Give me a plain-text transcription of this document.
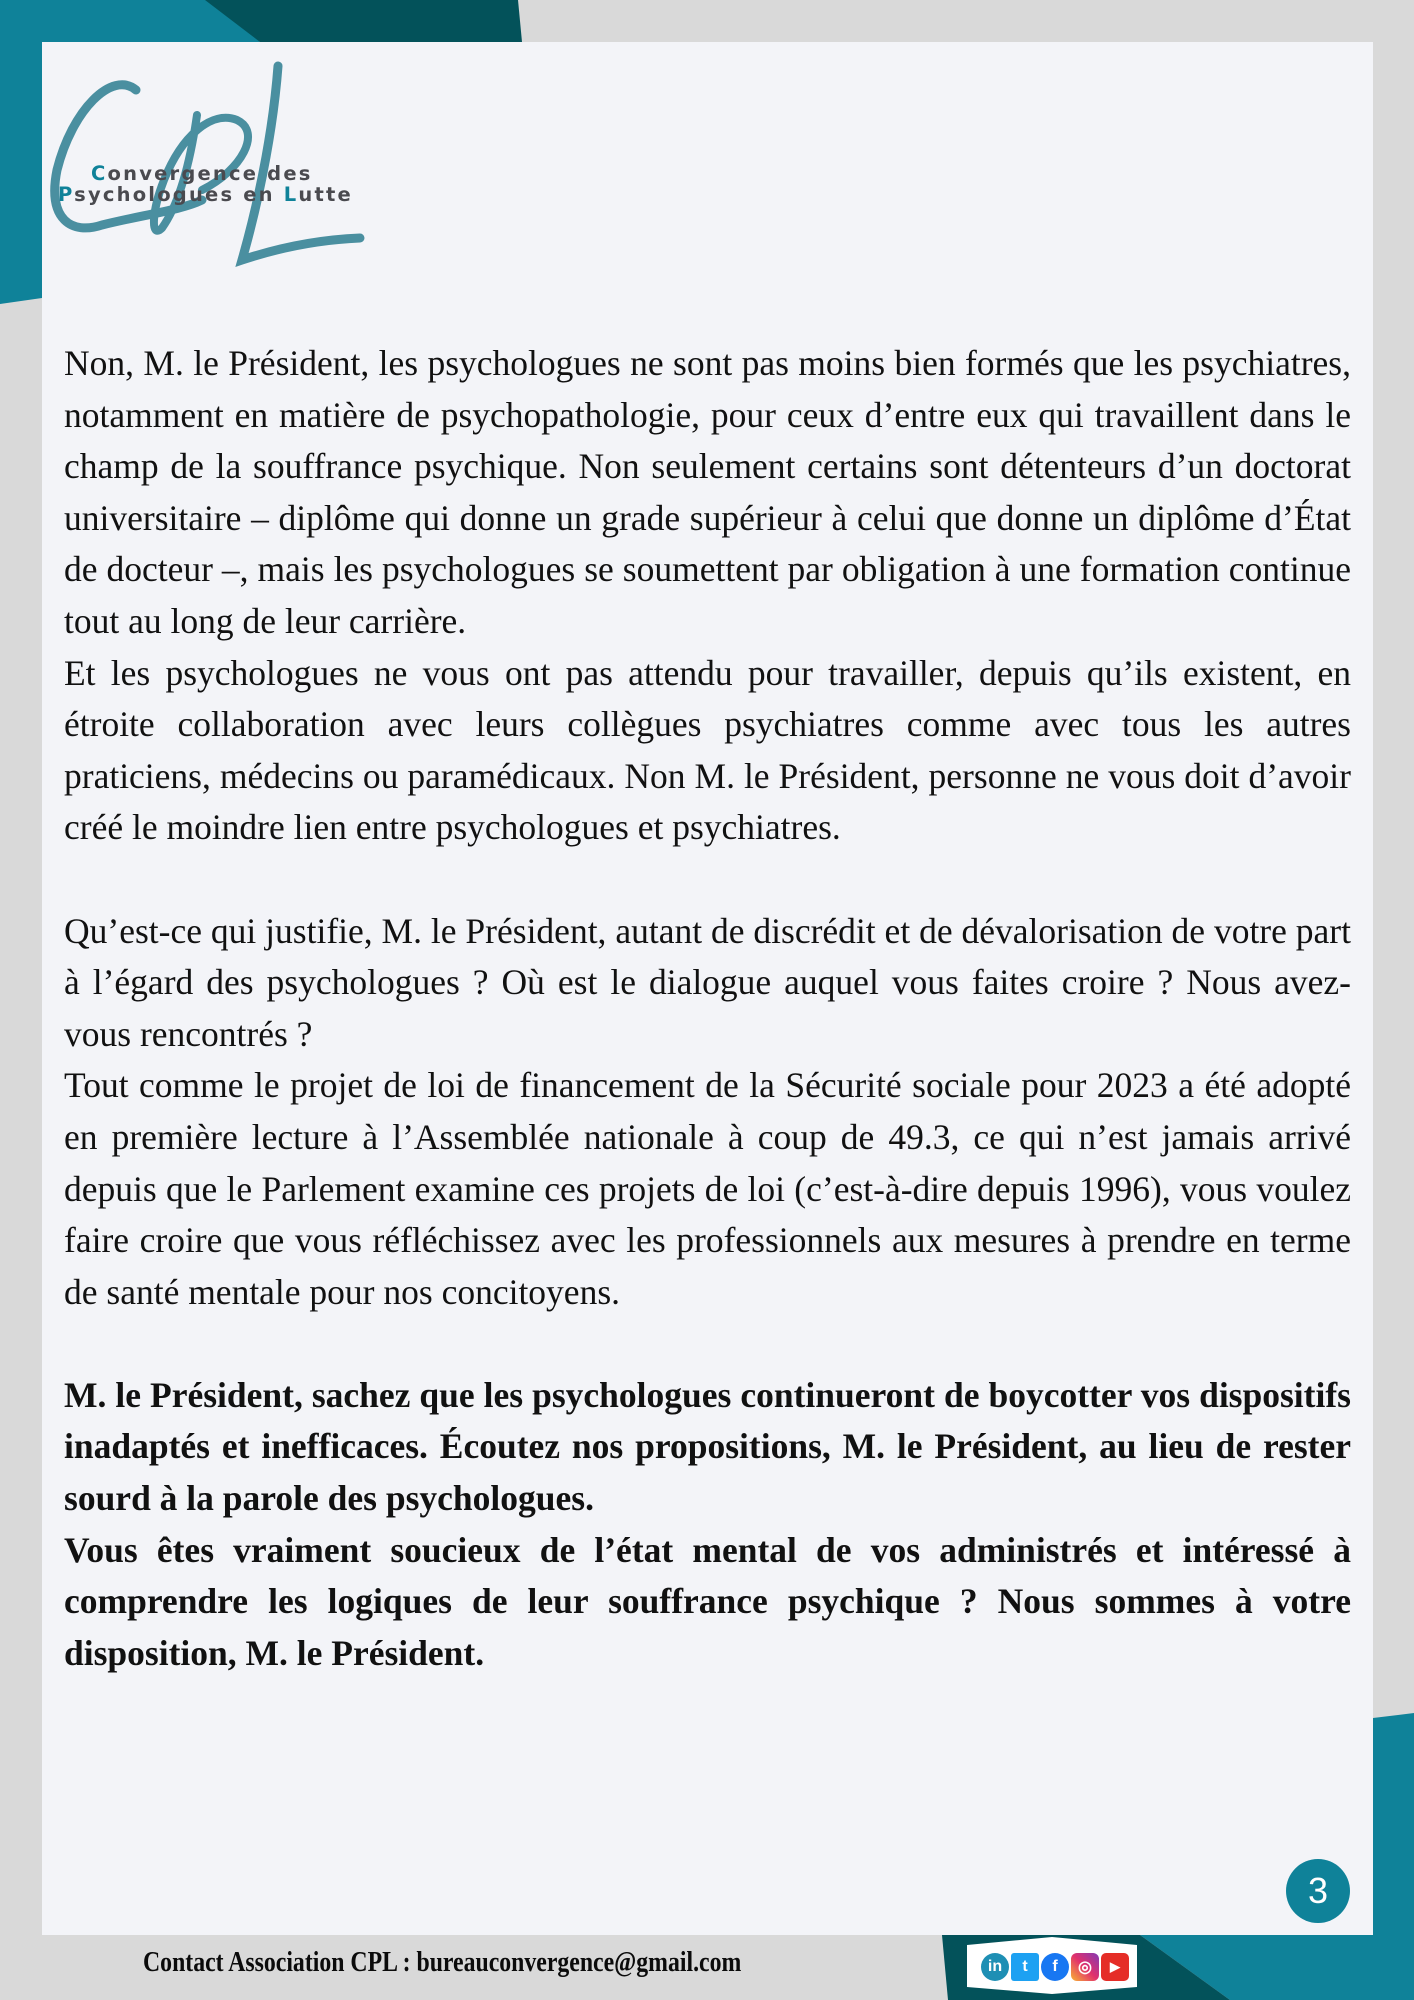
Convergence des
Psychologues en Lutte

Non, M. le Président, les psychologues ne sont pas moins bien formés que les psychiatres, notamment en matière de psychopathologie, pour ceux d’entre eux qui travaillent dans le champ de la souffrance psychique. Non seulement certains sont détenteurs d’un doctorat universitaire – diplôme qui donne un grade supérieur à celui que donne un diplôme d’État de docteur –, mais les psychologues se soumettent par obligation à une formation continue tout au long de leur carrière.

Et les psychologues ne vous ont pas attendu pour travailler, depuis qu’ils existent, en étroite collaboration avec leurs collègues psychiatres comme avec tous les autres praticiens, médecins ou paramédicaux. Non M. le Président, personne ne vous doit d’avoir créé le moindre lien entre psychologues et psychiatres.

Qu’est-ce qui justifie, M. le Président, autant de discrédit et de dévalorisation de votre part à l’égard des psychologues ? Où est le dialogue auquel vous faites croire ? Nous avez-vous rencontrés ?

Tout comme le projet de loi de financement de la Sécurité sociale pour 2023 a été adopté en première lecture à l’Assemblée nationale à coup de 49.3, ce qui n’est jamais arrivé depuis que le Parlement examine ces projets de loi (c’est-à-dire depuis 1996), vous voulez faire croire que vous réfléchissez avec les professionnels aux mesures à prendre en terme de santé mentale pour nos concitoyens.

M. le Président, sachez que les psychologues continueront de boycotter vos dispositifs inadaptés et inefficaces. Écoutez nos propositions, M. le Président, au lieu de rester sourd à la parole des psychologues.

Vous êtes vraiment soucieux de l’état mental de vos administrés et intéressé à comprendre les logiques de leur souffrance psychique ? Nous sommes à votre disposition, M. le Président.

3
Contact Association CPL : bureauconvergence@gmail.com	in	t	f	◎	▶
